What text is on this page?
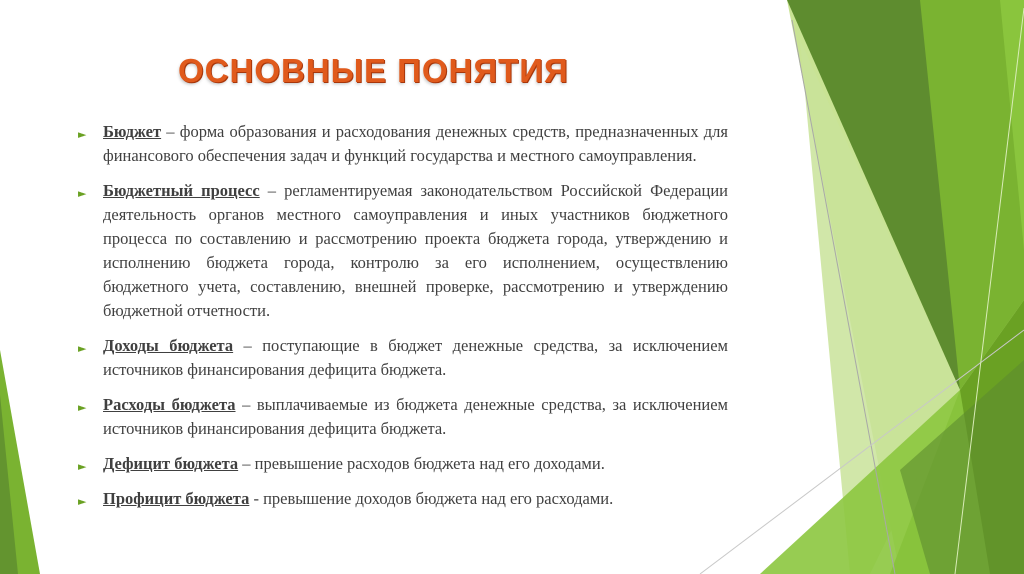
ОСНОВНЫЕ ПОНЯТИЯ
► Бюджет – форма образования и расходования денежных средств, предназначенных для финансового обеспечения задач и функций государства и местного самоуправления.
► Бюджетный процесс – регламентируемая законодательством Российской Федерации деятельность органов местного самоуправления и иных участников бюджетного процесса по составлению и рассмотрению проекта бюджета города, утверждению и исполнению бюджета города, контролю за его исполнением, осуществлению бюджетного учета, составлению, внешней проверке, рассмотрению и утверждению бюджетной отчетности.
► Доходы бюджета – поступающие в бюджет денежные средства, за исключением источников финансирования дефицита бюджета.
► Расходы бюджета – выплачиваемые из бюджета денежные средства, за исключением источников финансирования дефицита бюджета.
► Дефицит бюджета – превышение расходов бюджета над его доходами.
► Профицит бюджета - превышение доходов бюджета над его расходами.
